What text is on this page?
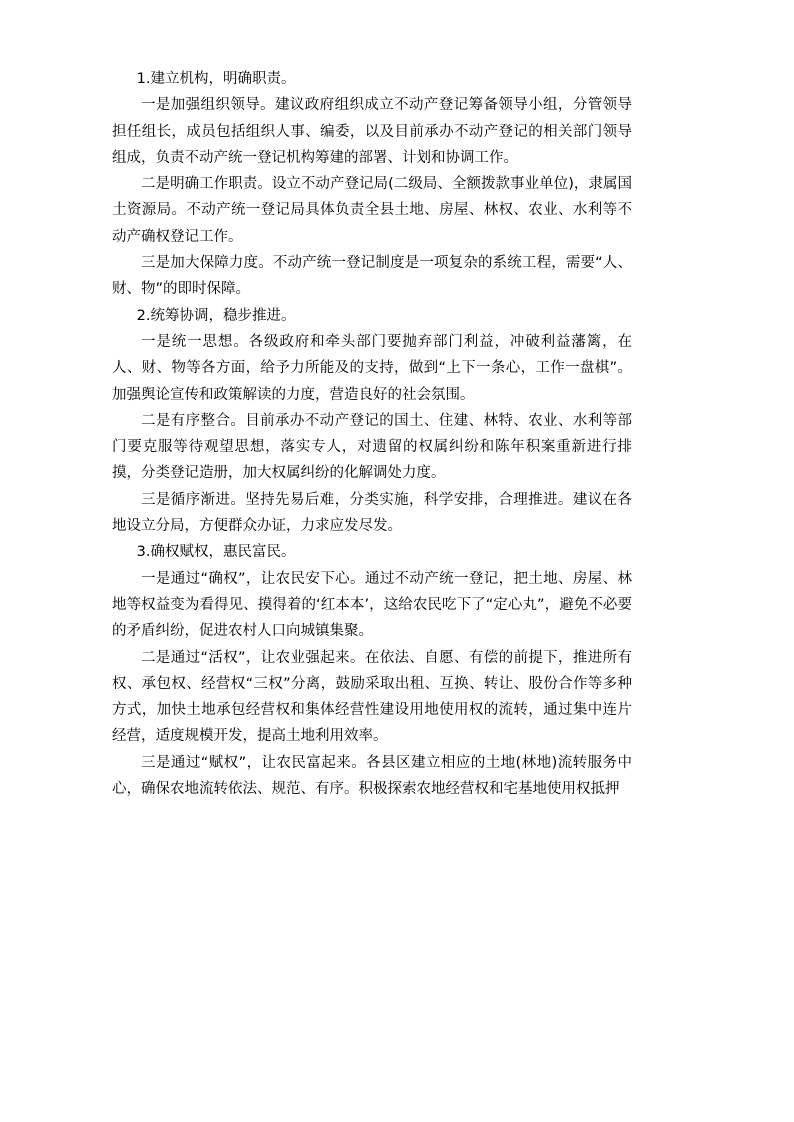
1.建立机构，明确职责。

一是加强组织领导。建议政府组织成立不动产登记筹备领导小组，分管领导担任组长，成员包括组织人事、编委，以及目前承办不动产登记的相关部门领导组成，负责不动产统一登记机构筹建的部署、计划和协调工作。

二是明确工作职责。设立不动产登记局(二级局、全额拨款事业单位)，隶属国土资源局。不动产统一登记局具体负责全县土地、房屋、林权、农业、水利等不动产确权登记工作。

三是加大保障力度。不动产统一登记制度是一项复杂的系统工程，需要“人、财、物”的即时保障。

2.统筹协调，稳步推进。

一是统一思想。各级政府和牵头部门要抛弃部门利益，冲破利益藩篱，在人、财、物等各方面，给予力所能及的支持，做到“上下一条心，工作一盘棋”。加强舆论宣传和政策解读的力度，营造良好的社会氛围。

二是有序整合。目前承办不动产登记的国土、住建、林特、农业、水利等部门要克服等待观望思想，落实专人，对遗留的权属纠纷和陈年积案重新进行排摸，分类登记造册，加大权属纠纷的化解调处力度。

三是循序渐进。坚持先易后难，分类实施，科学安排，合理推进。建议在各地设立分局，方便群众办证，力求应发尽发。

3.确权赋权，惠民富民。

一是通过“确权”，让农民安下心。通过不动产统一登记，把土地、房屋、林地等权益变为看得见、摸得着的‘红本本’，这给农民吃下了“定心丸”，避免不必要的矛盾纠纷，促进农村人口向城镇集聚。

二是通过“活权”，让农业强起来。在依法、自愿、有偿的前提下，推进所有权、承包权、经营权“三权”分离，鼓励采取出租、互换、转让、股份合作等多种方式，加快土地承包经营权和集体经营性建设用地使用权的流转，通过集中连片经营，适度规模开发，提高土地利用效率。

三是通过“赋权”，让农民富起来。各县区建立相应的土地(林地)流转服务中心，确保农地流转依法、规范、有序。积极探索农地经营权和宅基地使用权抵押
